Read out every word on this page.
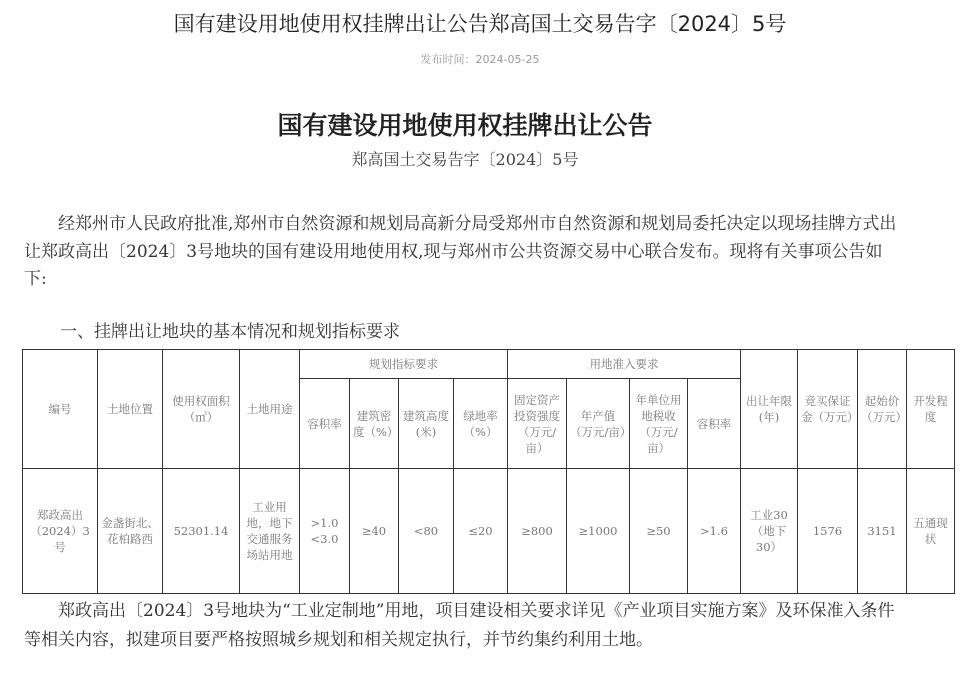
国有建设用地使用权挂牌出让公告郑高国土交易告字〔2024〕5号
发布时间：2024-05-25
国有建设用地使用权挂牌出让公告
郑高国土交易告字〔2024〕5号
经郑州市人民政府批准,郑州市自然资源和规划局高新分局受郑州市自然资源和规划局委托决定以现场挂牌方式出让郑政高出〔2024〕3号地块的国有建设用地使用权,现与郑州市公共资源交易中心联合发布。现将有关事项公告如下:
一、挂牌出让地块的基本情况和规划指标要求
编号	土地位置	使用权面积（㎡）	土地用途	规划指标要求				用地准入要求				出让年限(年)	竞买保证金（万元）	起始价（万元）	开发程度
				容积率	建筑密度（%）	建筑高度(米)	绿地率（%）	固定资产投资强度（万元/亩）	年产值（万元/亩）	年单位用地税收（万元/亩）	容积率				
郑政高出（2024）3号	金盏街北、花柏路西	52301.14	工业用地，地下交通服务场站用地	>1.0 <3.0	≥40	<80	≤20	≥800	≥1000	≥50	>1.6	工业30（地下30）	1576	3151	五通现状
郑政高出〔2024〕3号地块为“工业定制地”用地，项目建设相关要求详见《产业项目实施方案》及环保准入条件等相关内容，拟建项目要严格按照城乡规划和相关规定执行，并节约集约利用土地。
